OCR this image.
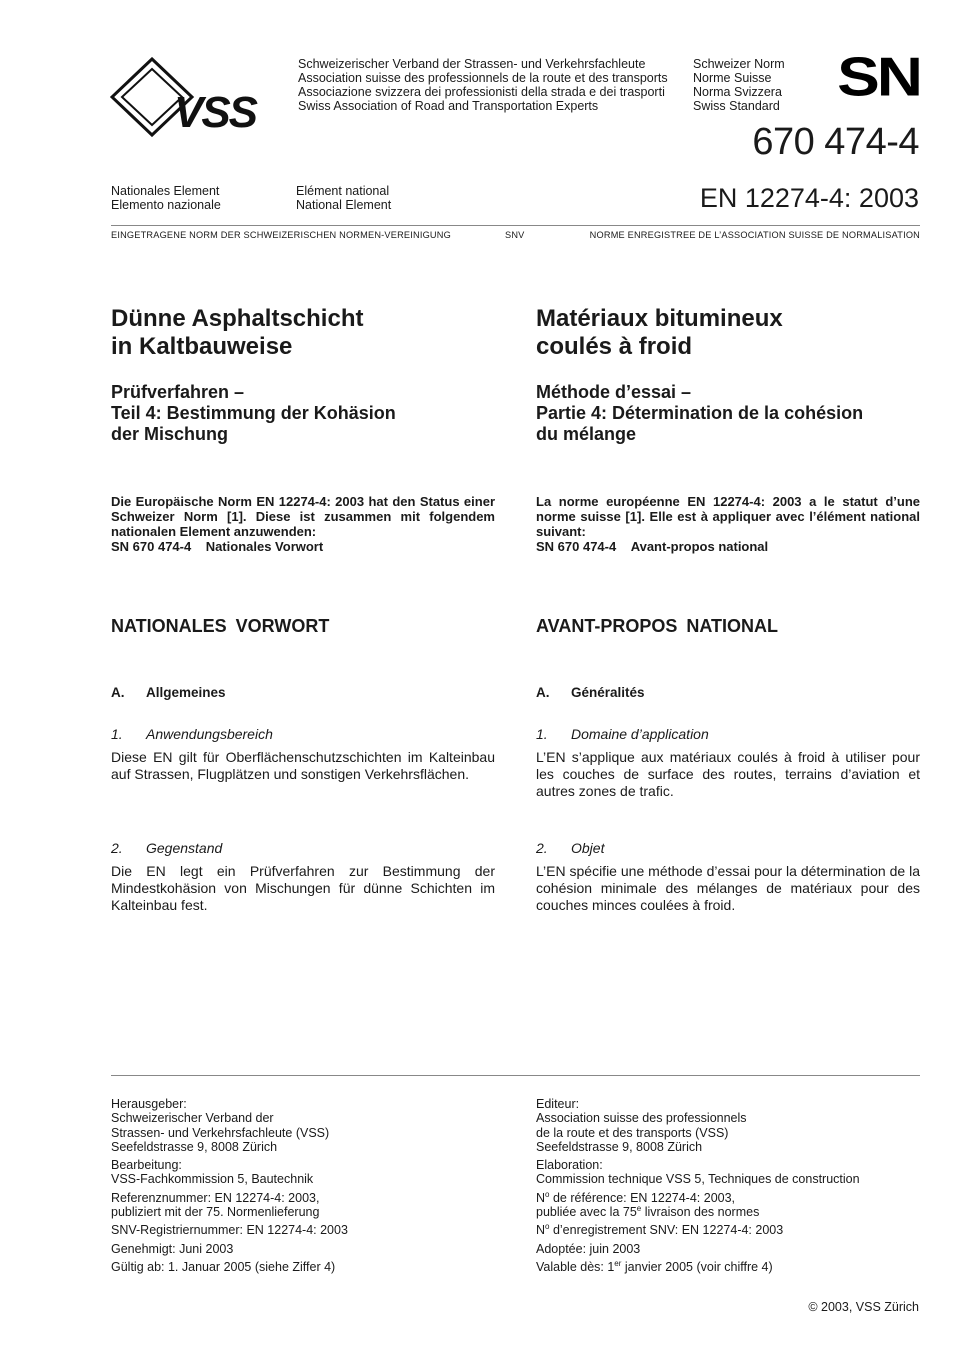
VSS
Schweizerischer Verband der Strassen- und Verkehrsfachleute
Association suisse des professionnels de la route et des transports
Associazione svizzera dei professionisti della strada e dei trasporti
Swiss Association of Road and Transportation Experts
Schweizer Norm
Norme Suisse
Norma Svizzera
Swiss Standard SN
670 474-4
Nationales Element
Elemento nazionale
Elément national
National Element	EN 12274-4: 2003
EINGETRAGENE NORM DER SCHWEIZERISCHEN NORMEN-VEREINIGUNG	SNV	NORME ENREGISTREE DE L’ASSOCIATION SUISSE DE NORMALISATION
Dünne Asphaltschicht
in Kaltbauweise
Matériaux bitumineux
coulés à froid
Prüfverfahren –
Teil 4: Bestimmung der Kohäsion
der Mischung
Méthode d’essai –
Partie 4: Détermination de la cohésion
du mélange
Die Europäische Norm EN 12274-4: 2003 hat den Status einer Schweizer Norm [1]. Diese ist zusammen mit folgendem nationalen Element anzuwenden:
SN 670 474-4 Nationales Vorwort
La norme européenne EN 12274-4: 2003 a le statut d’une norme suisse [1]. Elle est à appliquer avec l’élément national suivant:
SN 670 474-4 Avant-propos national
NATIONALES VORWORT	AVANT-PROPOS NATIONAL
A. Allgemeines	A. Généralités
1. Anwendungsbereich	1. Domaine d’application
Diese EN gilt für Oberflächenschutzschichten im Kalteinbau auf Strassen, Flugplätzen und sonstigen Verkehrsflächen.
L’EN s’applique aux matériaux coulés à froid à utiliser pour les couches de surface des routes, terrains d’aviation et autres zones de trafic.
2. Gegenstand	2. Objet
Die EN legt ein Prüfverfahren zur Bestimmung der Mindestkohäsion von Mischungen für dünne Schichten im Kalteinbau fest.
L’EN spécifie une méthode d’essai pour la détermination de la cohésion minimale des mélanges de matériaux pour des couches minces coulées à froid.

Herausgeber:
Schweizerischer Verband der
Strassen- und Verkehrsfachleute (VSS)
Seefeldstrasse 9, 8008 Zürich

Bearbeitung:
VSS-Fachkommission 5, Bautechnik

Referenznummer: EN 12274-4: 2003,
publiziert mit der 75. Normenlieferung

SNV-Registriernummer: EN 12274-4: 2003

Genehmigt: Juni 2003

Gültig ab: 1. Januar 2005 (siehe Ziffer 4)

Editeur:
Association suisse des professionnels
de la route et des transports (VSS)
Seefeldstrasse 9, 8008 Zürich

Elaboration:
Commission technique VSS 5, Techniques de construction

$N^o$ de référence: EN 12274-4: 2003,
publiée avec la 75e livraison des normes

$N^o$ d’enregistrement SNV: EN 12274-4: 2003

Adoptée: juin 2003

Valable dès: 1er janvier 2005 (voir chiffre 4)

© 2003, VSS Zürich
